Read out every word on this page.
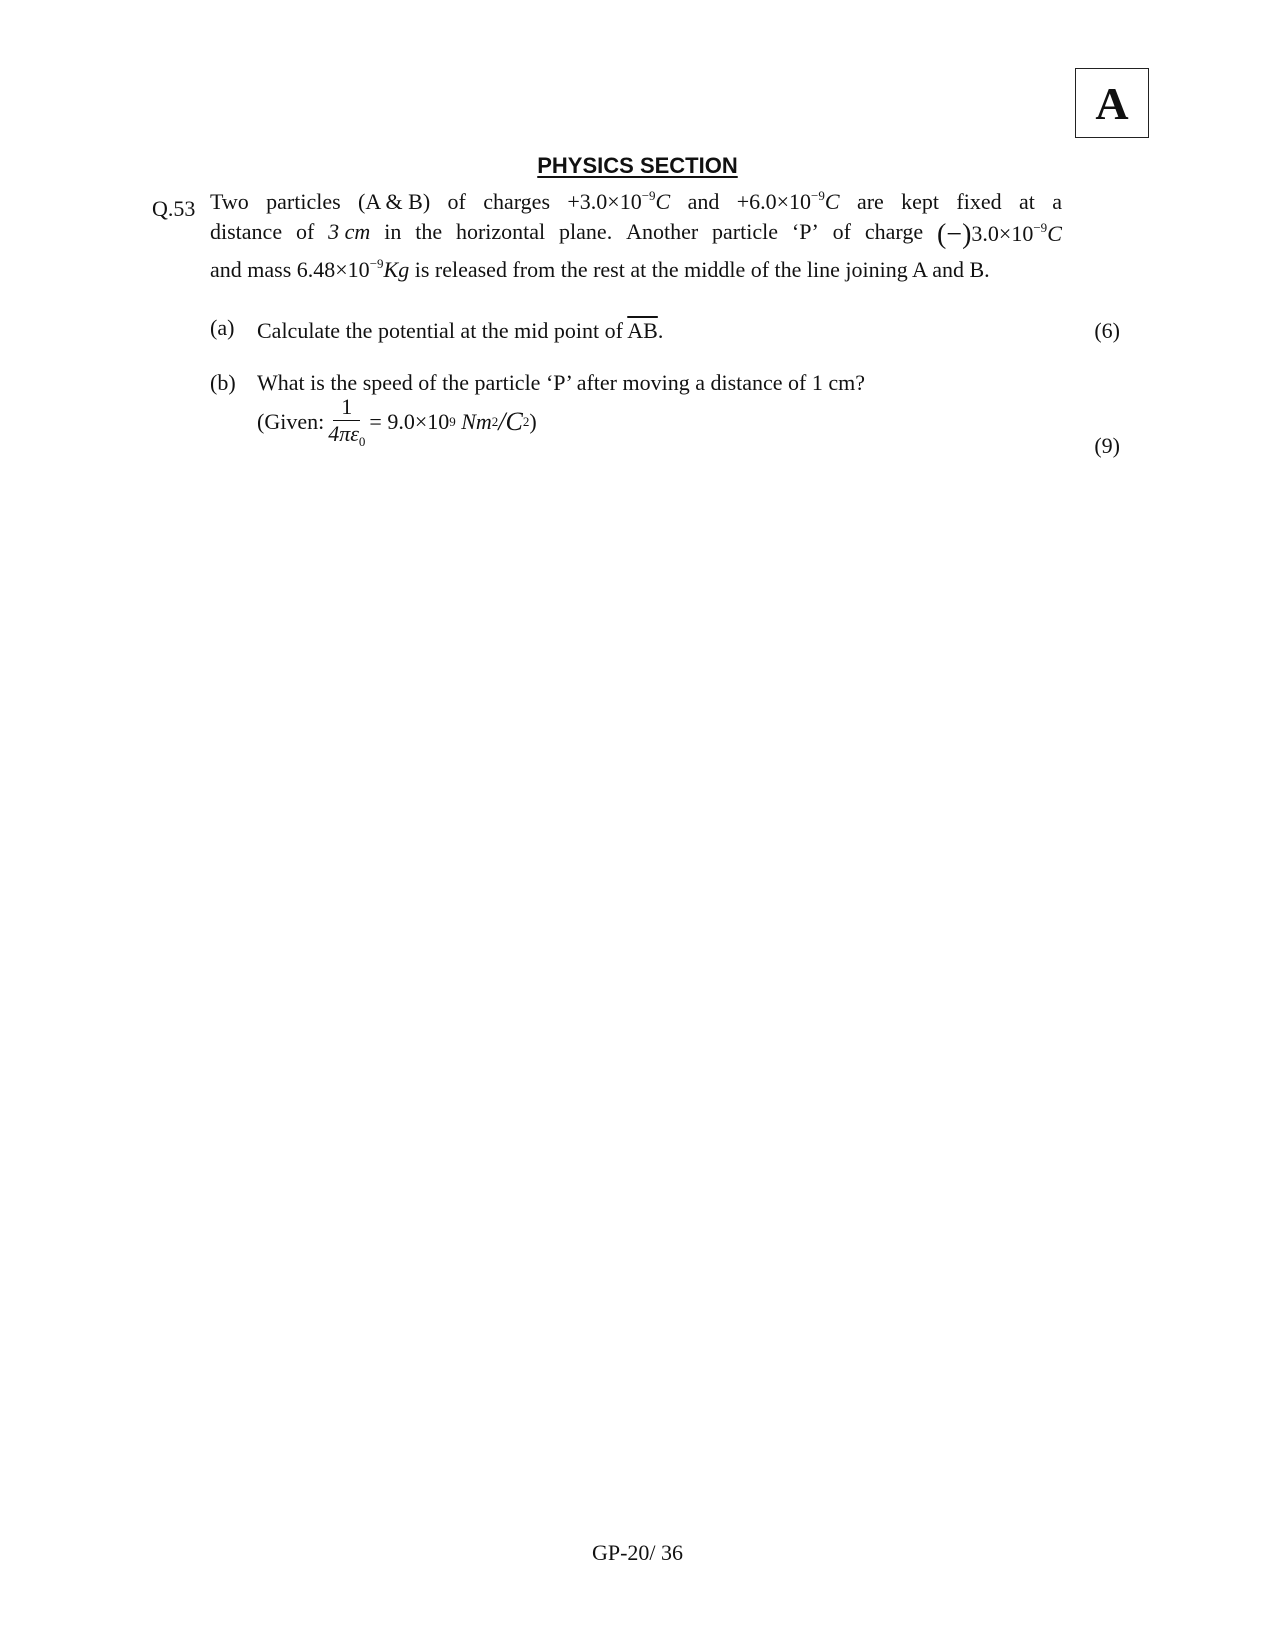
A
PHYSICS SECTION
Q.53 Two particles (A & B) of charges $+3.0\times 10^{-9}C$ and $+6.0\times 10^{-9}C$ are kept fixed at a
distance of 3 cm in the horizontal plane. Another particle ‘P’ of charge $(-)3.0\times 10^{-9}C$
and mass $6.48\times 10^{-9}Kg$ is released from the rest at the middle of the line joining A and B.
(a) Calculate the potential at the mid point of $\overline{AB}$.	(6)
(b) What is the speed of the particle ‘P’ after moving a distance of 1 cm?
(Given: $\frac{1}{4\pi\varepsilon_0} = 9.0\times 10$ 9
Nm 2 /C 2 )
(9)
GP-20/ 36
